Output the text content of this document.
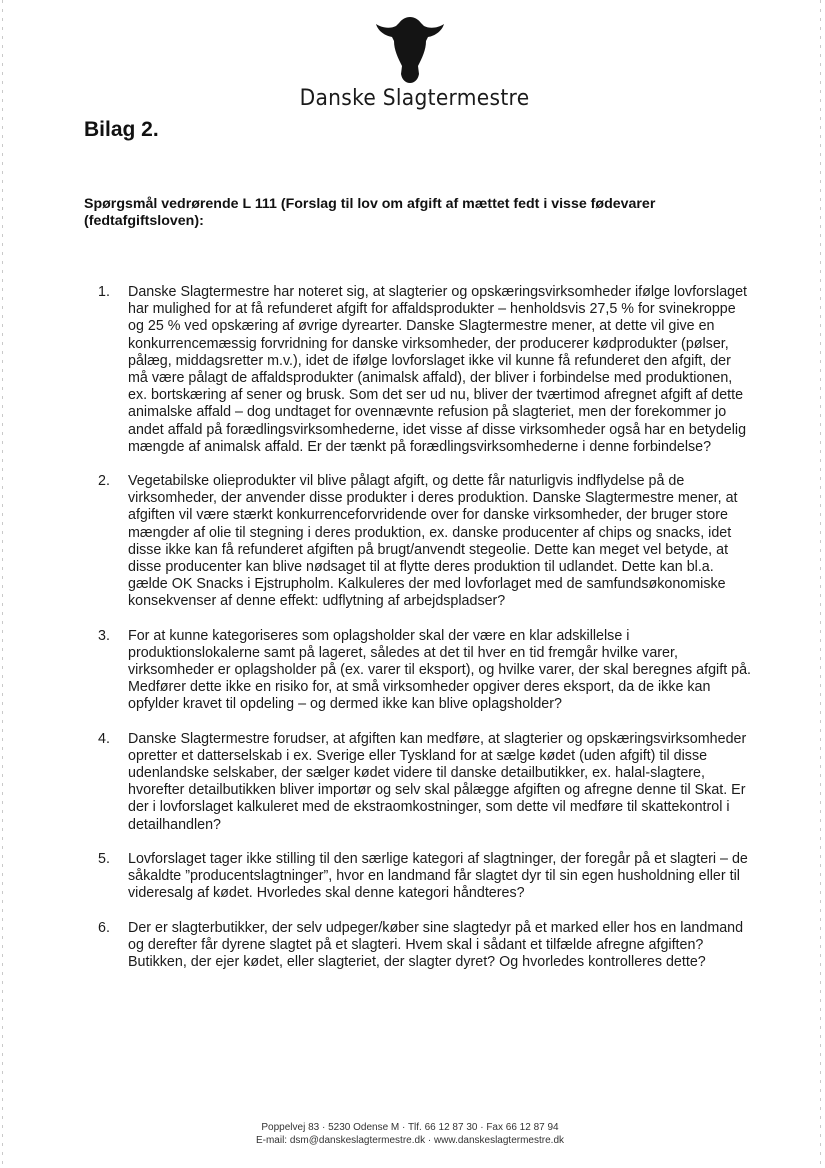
Danske Slagtermestre
Bilag 2.
Spørgsmål vedrørende L 111 (Forslag til lov om afgift af mættet fedt i visse fødevarer (fedtafgiftsloven):
1. Danske Slagtermestre har noteret sig, at slagterier og opskæringsvirksomheder ifølge lovforslaget har mulighed for at få refunderet afgift for affaldsprodukter – henholdsvis 27,5 % for svinekroppe og 25 % ved opskæring af øvrige dyrearter. Danske Slagtermestre mener, at dette vil give en konkurrencemæssig forvridning for danske virksomheder, der producerer kødprodukter (pølser, pålæg, middagsretter m.v.), idet de ifølge lovforslaget ikke vil kunne få refunderet den afgift, der må være pålagt de affaldsprodukter (animalsk affald), der bliver i forbindelse med produktionen, ex. bortskæring af sener og brusk. Som det ser ud nu, bliver der tværtimod afregnet afgift af dette animalske affald – dog undtaget for ovennævnte refusion på slagteriet, men der forekommer jo andet affald på forædlingsvirksomhederne, idet visse af disse virksomheder også har en betydelig mængde af animalsk affald. Er der tænkt på forædlingsvirksomhederne i denne forbindelse?
2. Vegetabilske olieprodukter vil blive pålagt afgift, og dette får naturligvis indflydelse på de virksomheder, der anvender disse produkter i deres produktion. Danske Slagtermestre mener, at afgiften vil være stærkt konkurrenceforvridende over for danske virksomheder, der bruger store mængder af olie til stegning i deres produktion, ex. danske producenter af chips og snacks, idet disse ikke kan få refunderet afgiften på brugt/anvendt stegeolie. Dette kan meget vel betyde, at disse producenter kan blive nødsaget til at flytte deres produktion til udlandet. Dette kan bl.a. gælde OK Snacks i Ejstrupholm. Kalkuleres der med lovforlaget med de samfundsøkonomiske konsekvenser af denne effekt: udflytning af arbejdspladser?
3. For at kunne kategoriseres som oplagsholder skal der være en klar adskillelse i produktionslokalerne samt på lageret, således at det til hver en tid fremgår hvilke varer, virksomheder er oplagsholder på (ex. varer til eksport), og hvilke varer, der skal beregnes afgift på. Medfører dette ikke en risiko for, at små virksomheder opgiver deres eksport, da de ikke kan opfylder kravet til opdeling – og dermed ikke kan blive oplagsholder?
4. Danske Slagtermestre forudser, at afgiften kan medføre, at slagterier og opskæringsvirksomheder opretter et datterselskab i ex. Sverige eller Tyskland for at sælge kødet (uden afgift) til disse udenlandske selskaber, der sælger kødet videre til danske detailbutikker, ex. halal-slagtere, hvorefter detailbutikken bliver importør og selv skal pålægge afgiften og afregne denne til Skat. Er der i lovforslaget kalkuleret med de ekstraomkostninger, som dette vil medføre til skattekontrol i detailhandlen?
5. Lovforslaget tager ikke stilling til den særlige kategori af slagtninger, der foregår på et slagteri – de såkaldte ”producentslagtninger”, hvor en landmand får slagtet dyr til sin egen husholdning eller til videresalg af kødet. Hvorledes skal denne kategori håndteres?
6. Der er slagterbutikker, der selv udpeger/køber sine slagtedyr på et marked eller hos en landmand og derefter får dyrene slagtet på et slagteri. Hvem skal i sådant et tilfælde afregne afgiften? Butikken, der ejer kødet, eller slagteriet, der slagter dyret? Og hvorledes kontrolleres dette?
Poppelvej 83 · 5230 Odense M · Tlf. 66 12 87 30 · Fax 66 12 87 94
E-mail: dsm@danskeslagtermestre.dk · www.danskeslagtermestre.dk
